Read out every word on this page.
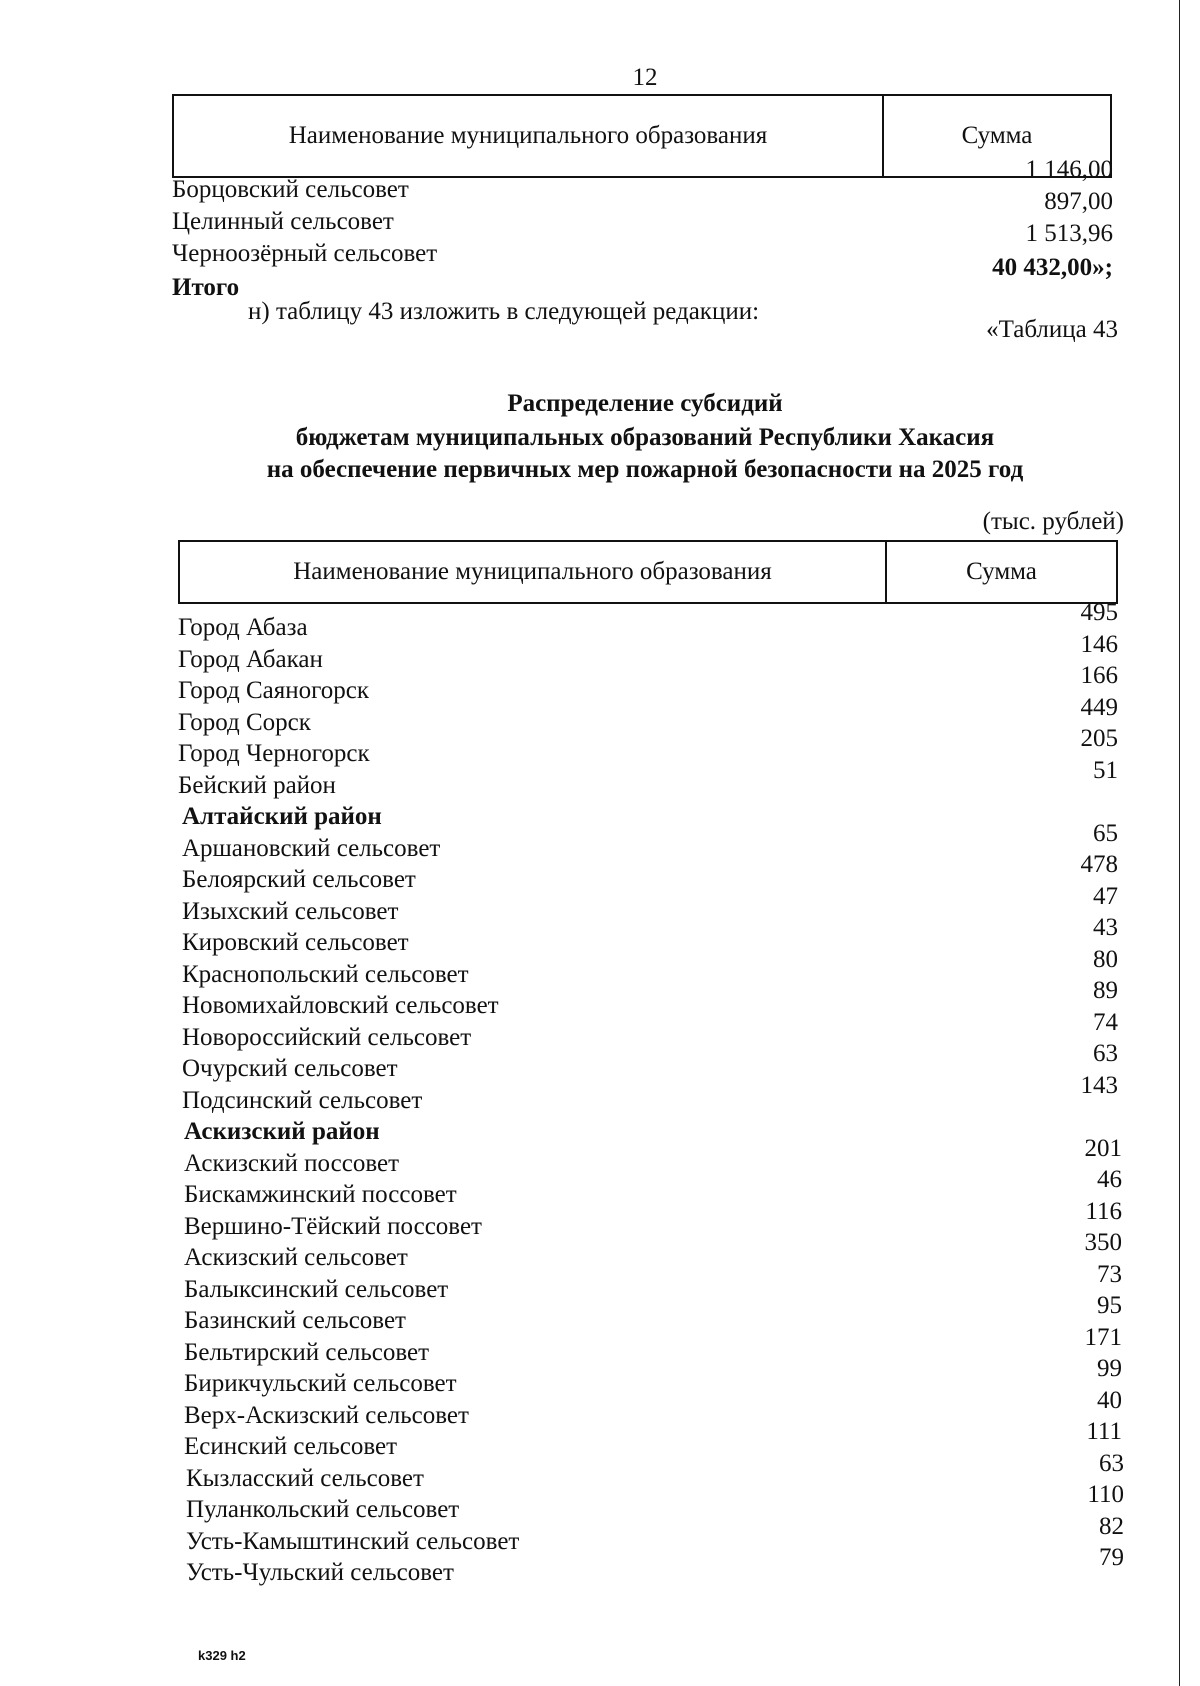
12
Наименование муниципального образования	Сумма
Борцовский сельсовет
1 146,00
Целинный сельсовет
897,00
Черноозёрный сельсовет
1 513,96
Итого
40 432,00»;
н) таблицу 43 изложить в следующей редакции:
«Таблица 43
Распределение субсидий
бюджетам муниципальных образований Республики Хакасия
на обеспечение первичных мер пожарной безопасности на 2025 год
(тыс. рублей)
Наименование муниципального образования	Сумма
Город Абаза
495
Город Абакан
146
Город Саяногорск
166
Город Сорск
449
Город Черногорск
205
Бейский район
51
Алтайский район
Аршановский сельсовет
65
Белоярский сельсовет
478
Изыхский сельсовет
47
Кировский сельсовет
43
Краснопольский сельсовет
80
Новомихайловский сельсовет
89
Новороссийский сельсовет
74
Очурский сельсовет
63
Подсинский сельсовет
143
Аскизский район
Аскизский поссовет
201
Бискамжинский поссовет
46
Вершино-Тёйский поссовет
116
Аскизский сельсовет
350
Балыксинский сельсовет
73
Базинский сельсовет
95
Бельтирский сельсовет
171
Бирикчульский сельсовет
99
Верх-Аскизский сельсовет
40
Есинский сельсовет
111
Кызласский сельсовет
63
Пуланкольский сельсовет
110
Усть-Камыштинский сельсовет
82
Усть-Чульский сельсовет
79
k329 h2
